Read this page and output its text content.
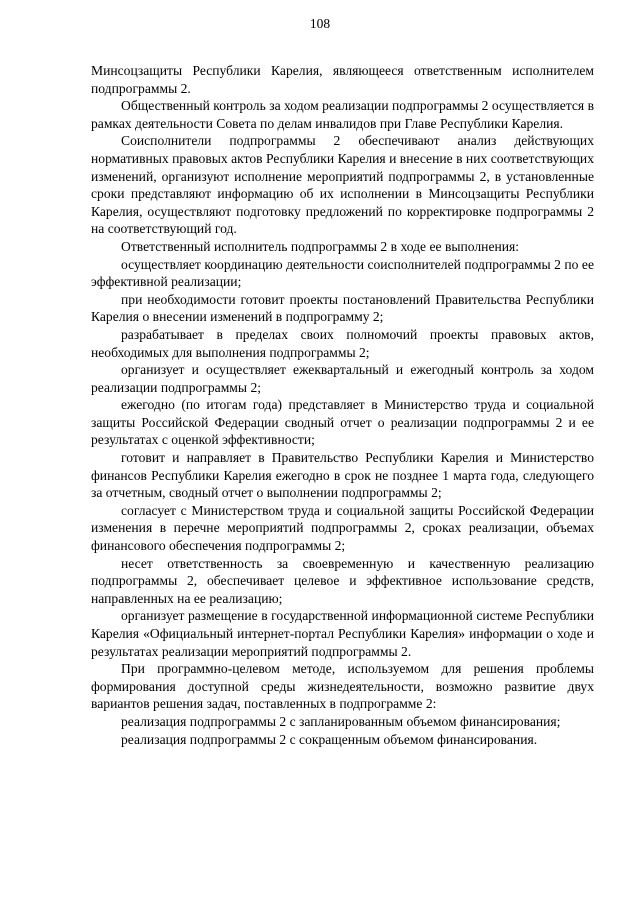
108

Минсоцзащиты Республики Карелия, являющееся ответственным исполнителем подпрограммы 2.

Общественный контроль за ходом реализации подпрограммы 2 осуществляется в рамках деятельности Совета по делам инвалидов при Главе Республики Карелия.

Соисполнители подпрограммы 2 обеспечивают анализ действующих нормативных правовых актов Республики Карелия и внесение в них соответствующих изменений, организуют исполнение мероприятий подпрограммы 2, в установленные сроки представляют информацию об их исполнении в Минсоцзащиты Республики Карелия, осуществляют подготовку предложений по корректировке подпрограммы 2 на соответствующий год.

Ответственный исполнитель подпрограммы 2 в ходе ее выполнения:

осуществляет координацию деятельности соисполнителей подпрограммы 2 по ее эффективной реализации;

при необходимости готовит проекты постановлений Правительства Республики Карелия о внесении изменений в подпрограмму 2;

разрабатывает в пределах своих полномочий проекты правовых актов, необходимых для выполнения подпрограммы 2;

организует и осуществляет ежеквартальный и ежегодный контроль за ходом реализации подпрограммы 2;

ежегодно (по итогам года) представляет в Министерство труда и социальной защиты Российской Федерации сводный отчет о реализации подпрограммы 2 и ее результатах с оценкой эффективности;

готовит и направляет в Правительство Республики Карелия и Министерство финансов Республики Карелия ежегодно в срок не позднее 1 марта года, следующего за отчетным, сводный отчет о выполнении подпрограммы 2;

согласует с Министерством труда и социальной защиты Российской Федерации изменения в перечне мероприятий подпрограммы 2, сроках реализации, объемах финансового обеспечения подпрограммы 2;

несет ответственность за своевременную и качественную реализацию подпрограммы 2, обеспечивает целевое и эффективное использование средств, направленных на ее реализацию;

организует размещение в государственной информационной системе Республики Карелия «Официальный интернет-портал Республики Карелия» информации о ходе и результатах реализации мероприятий подпрограммы 2.

При программно-целевом методе, используемом для решения проблемы формирования доступной среды жизнедеятельности, возможно развитие двух вариантов решения задач, поставленных в подпрограмме 2:

реализация подпрограммы 2 с запланированным объемом финансирования;

реализация подпрограммы 2 с сокращенным объемом финансирования.
